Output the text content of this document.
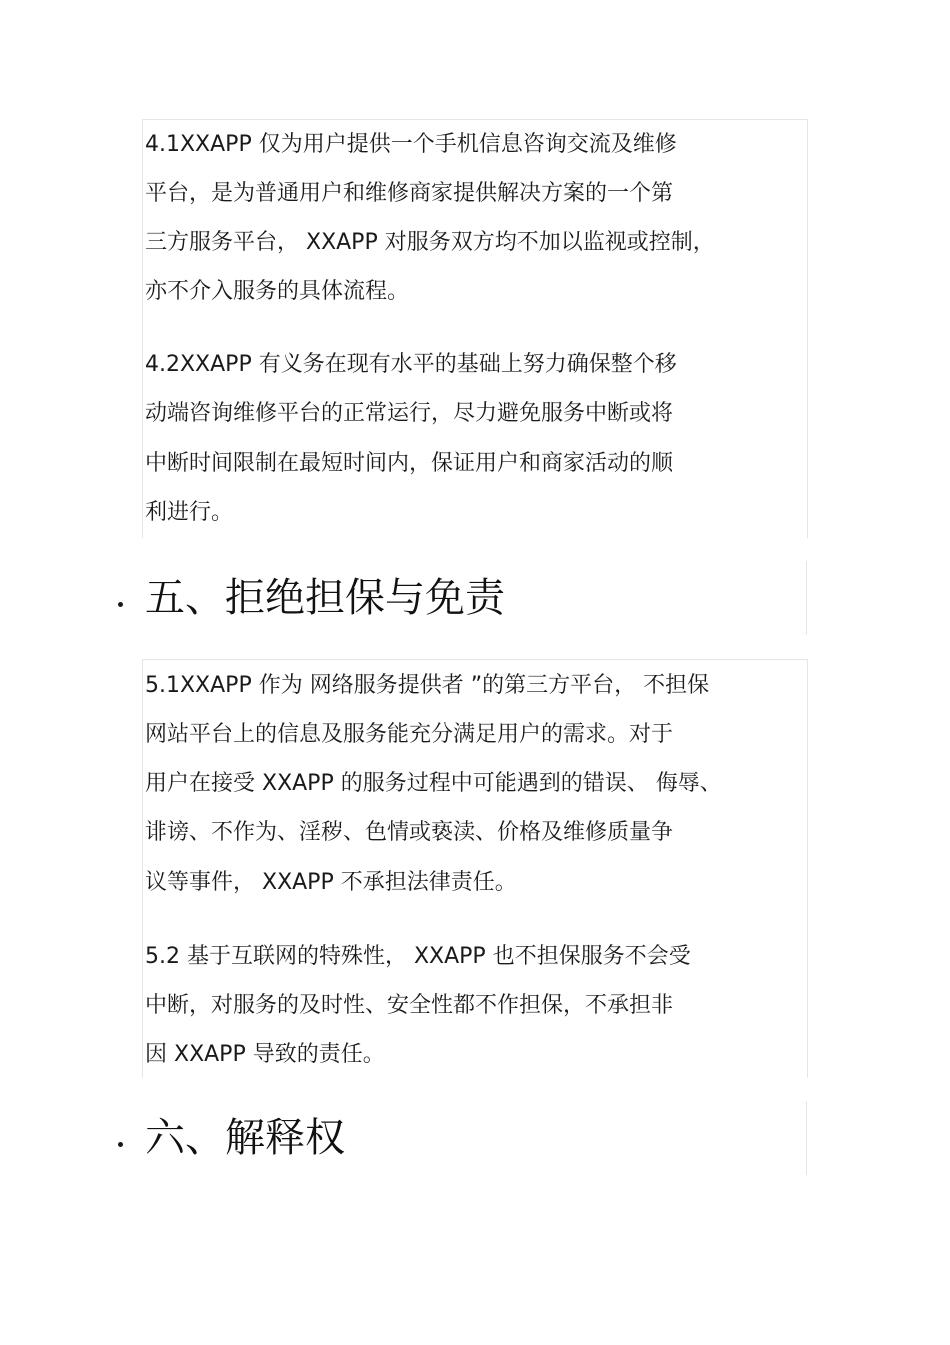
4.1XXAPP 仅为用户提供一个手机信息咨询交流及维修
平台，是为普通用户和维修商家提供解决方案的一个第
三方服务平台， XXAPP 对服务双方均不加以监视或控制，
亦不介入服务的具体流程。
4.2XXAPP 有义务在现有水平的基础上努力确保整个移
动端咨询维修平台的正常运行，尽力避免服务中断或将
中断时间限制在最短时间内，保证用户和商家活动的顺
利进行。
五、拒绝担保与免责
5.1XXAPP 作为 网络服务提供者 ”的第三方平台， 不担保
网站平台上的信息及服务能充分满足用户的需求。对于
用户在接受 XXAPP 的服务过程中可能遇到的错误、 侮辱、
诽谤、不作为、淫秽、色情或亵渎、价格及维修质量争
议等事件， XXAPP 不承担法律责任。
5.2 基于互联网的特殊性， XXAPP 也不担保服务不会受
中断，对服务的及时性、安全性都不作担保，不承担非
因 XXAPP 导致的责任。
六、解释权
